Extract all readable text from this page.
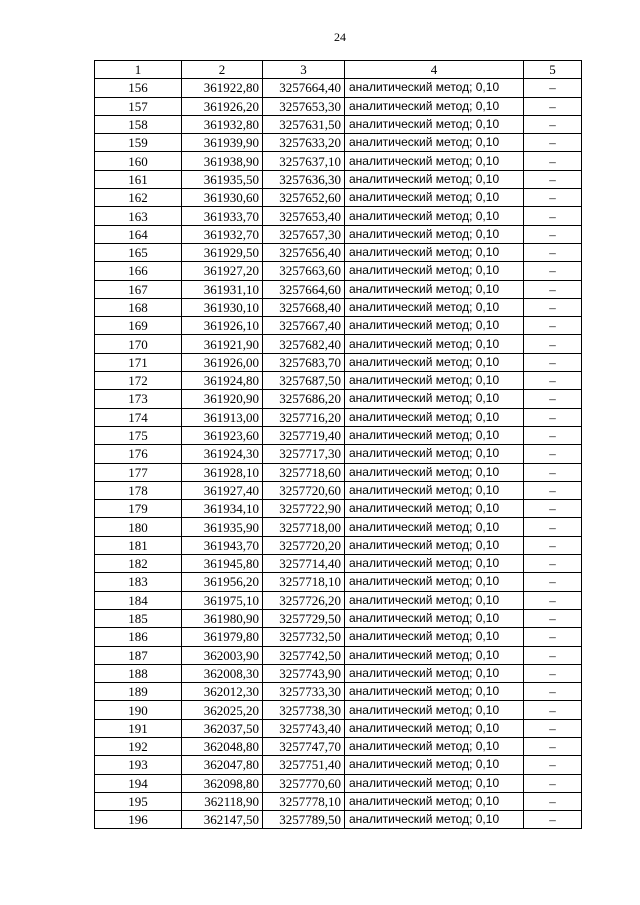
24
1	2	3	4	5
156	361922,80	3257664,40	аналитический метод; 0,10	–
157	361926,20	3257653,30	аналитический метод; 0,10	–
158	361932,80	3257631,50	аналитический метод; 0,10	–
159	361939,90	3257633,20	аналитический метод; 0,10	–
160	361938,90	3257637,10	аналитический метод; 0,10	–
161	361935,50	3257636,30	аналитический метод; 0,10	–
162	361930,60	3257652,60	аналитический метод; 0,10	–
163	361933,70	3257653,40	аналитический метод; 0,10	–
164	361932,70	3257657,30	аналитический метод; 0,10	–
165	361929,50	3257656,40	аналитический метод; 0,10	–
166	361927,20	3257663,60	аналитический метод; 0,10	–
167	361931,10	3257664,60	аналитический метод; 0,10	–
168	361930,10	3257668,40	аналитический метод; 0,10	–
169	361926,10	3257667,40	аналитический метод; 0,10	–
170	361921,90	3257682,40	аналитический метод; 0,10	–
171	361926,00	3257683,70	аналитический метод; 0,10	–
172	361924,80	3257687,50	аналитический метод; 0,10	–
173	361920,90	3257686,20	аналитический метод; 0,10	–
174	361913,00	3257716,20	аналитический метод; 0,10	–
175	361923,60	3257719,40	аналитический метод; 0,10	–
176	361924,30	3257717,30	аналитический метод; 0,10	–
177	361928,10	3257718,60	аналитический метод; 0,10	–
178	361927,40	3257720,60	аналитический метод; 0,10	–
179	361934,10	3257722,90	аналитический метод; 0,10	–
180	361935,90	3257718,00	аналитический метод; 0,10	–
181	361943,70	3257720,20	аналитический метод; 0,10	–
182	361945,80	3257714,40	аналитический метод; 0,10	–
183	361956,20	3257718,10	аналитический метод; 0,10	–
184	361975,10	3257726,20	аналитический метод; 0,10	–
185	361980,90	3257729,50	аналитический метод; 0,10	–
186	361979,80	3257732,50	аналитический метод; 0,10	–
187	362003,90	3257742,50	аналитический метод; 0,10	–
188	362008,30	3257743,90	аналитический метод; 0,10	–
189	362012,30	3257733,30	аналитический метод; 0,10	–
190	362025,20	3257738,30	аналитический метод; 0,10	–
191	362037,50	3257743,40	аналитический метод; 0,10	–
192	362048,80	3257747,70	аналитический метод; 0,10	–
193	362047,80	3257751,40	аналитический метод; 0,10	–
194	362098,80	3257770,60	аналитический метод; 0,10	–
195	362118,90	3257778,10	аналитический метод; 0,10	–
196	362147,50	3257789,50	аналитический метод; 0,10	–
